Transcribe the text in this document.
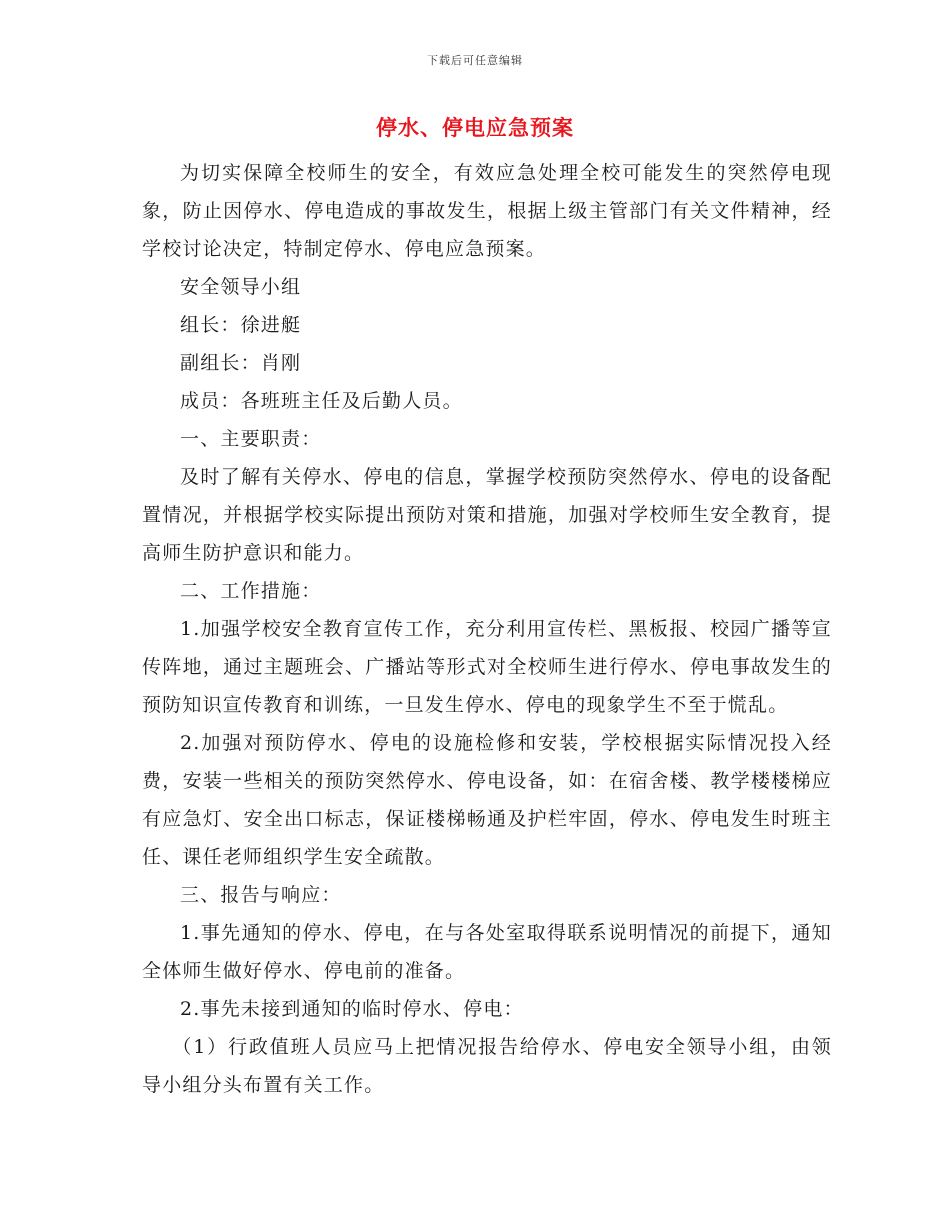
下载后可任意编辑
停水、停电应急预案

为切实保障全校师生的安全，有效应急处理全校可能发生的突然停电现象，防止因停水、停电造成的事故发生，根据上级主管部门有关文件精神，经学校讨论决定，特制定停水、停电应急预案。

安全领导小组

组长：徐进艇

副组长：肖刚

成员：各班班主任及后勤人员。

一、主要职责：

及时了解有关停水、停电的信息，掌握学校预防突然停水、停电的设备配置情况，并根据学校实际提出预防对策和措施，加强对学校师生安全教育，提高师生防护意识和能力。

二、工作措施：

1.加强学校安全教育宣传工作，充分利用宣传栏、黑板报、校园广播等宣传阵地，通过主题班会、广播站等形式对全校师生进行停水、停电事故发生的预防知识宣传教育和训练，一旦发生停水、停电的现象学生不至于慌乱。

2.加强对预防停水、停电的设施检修和安装，学校根据实际情况投入经费，安装一些相关的预防突然停水、停电设备，如：在宿舍楼、教学楼楼梯应有应急灯、安全出口标志，保证楼梯畅通及护栏牢固，停水、停电发生时班主任、课任老师组织学生安全疏散。

三、报告与响应：

1.事先通知的停水、停电，在与各处室取得联系说明情况的前提下，通知全体师生做好停水、停电前的准备。

2.事先未接到通知的临时停水、停电：

（1）行政值班人员应马上把情况报告给停水、停电安全领导小组，由领导小组分头布置有关工作。
